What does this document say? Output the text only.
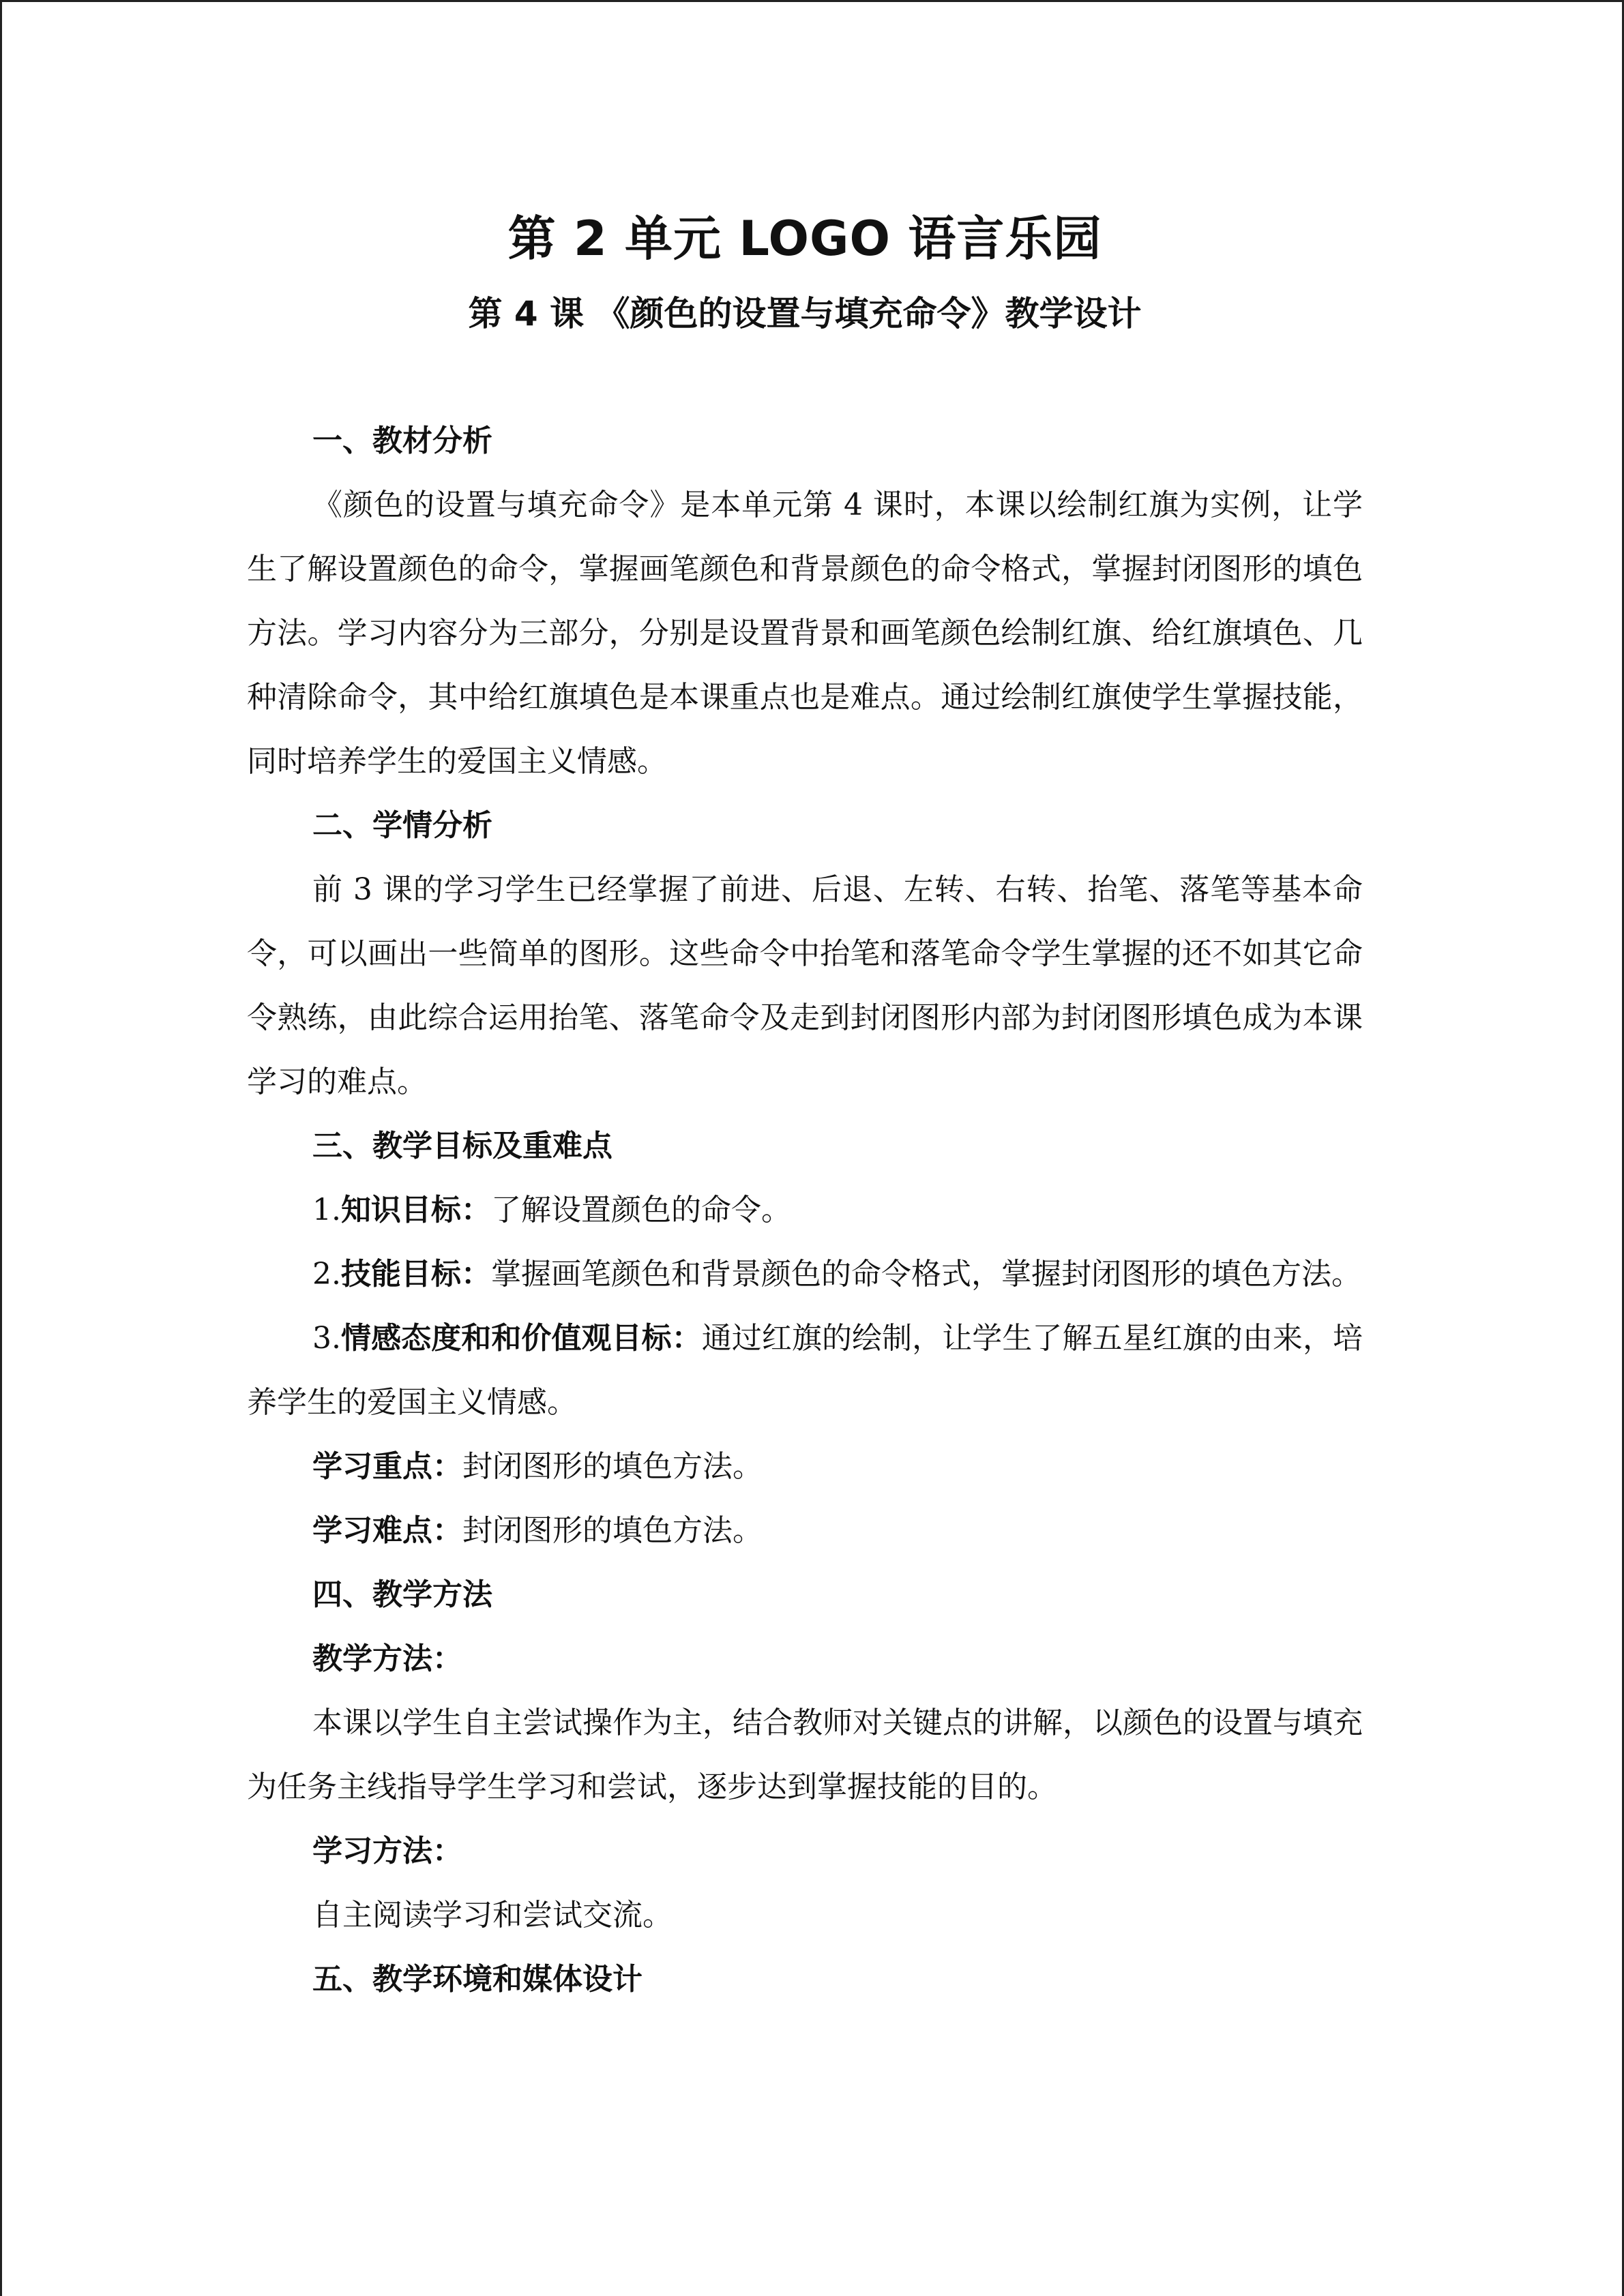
第 2 单元 LOGO 语言乐园
第 4 课 《颜色的设置与填充命令》教学设计
一、教材分析

《颜色的设置与填充命令》是本单元第 4 课时，本课以绘制红旗为实例，让学生了解设置颜色的命令，掌握画笔颜色和背景颜色的命令格式，掌握封闭图形的填色方法。学习内容分为三部分，分别是设置背景和画笔颜色绘制红旗、给红旗填色、几种清除命令，其中给红旗填色是本课重点也是难点。通过绘制红旗使学生掌握技能，同时培养学生的爱国主义情感。

二、学情分析

前 3 课的学习学生已经掌握了前进、后退、左转、右转、抬笔、落笔等基本命令，可以画出一些简单的图形。这些命令中抬笔和落笔命令学生掌握的还不如其它命令熟练，由此综合运用抬笔、落笔命令及走到封闭图形内部为封闭图形填色成为本课学习的难点。

三、教学目标及重难点

1.知识目标：了解设置颜色的命令。

2.技能目标：掌握画笔颜色和背景颜色的命令格式，掌握封闭图形的填色方法。

3.情感态度和和价值观目标：通过红旗的绘制，让学生了解五星红旗的由来，培养学生的爱国主义情感。

学习重点：封闭图形的填色方法。

学习难点：封闭图形的填色方法。

四、教学方法
教学方法：

本课以学生自主尝试操作为主，结合教师对关键点的讲解，以颜色的设置与填充为任务主线指导学生学习和尝试，逐步达到掌握技能的目的。

学习方法：

自主阅读学习和尝试交流。

五、教学环境和媒体设计
